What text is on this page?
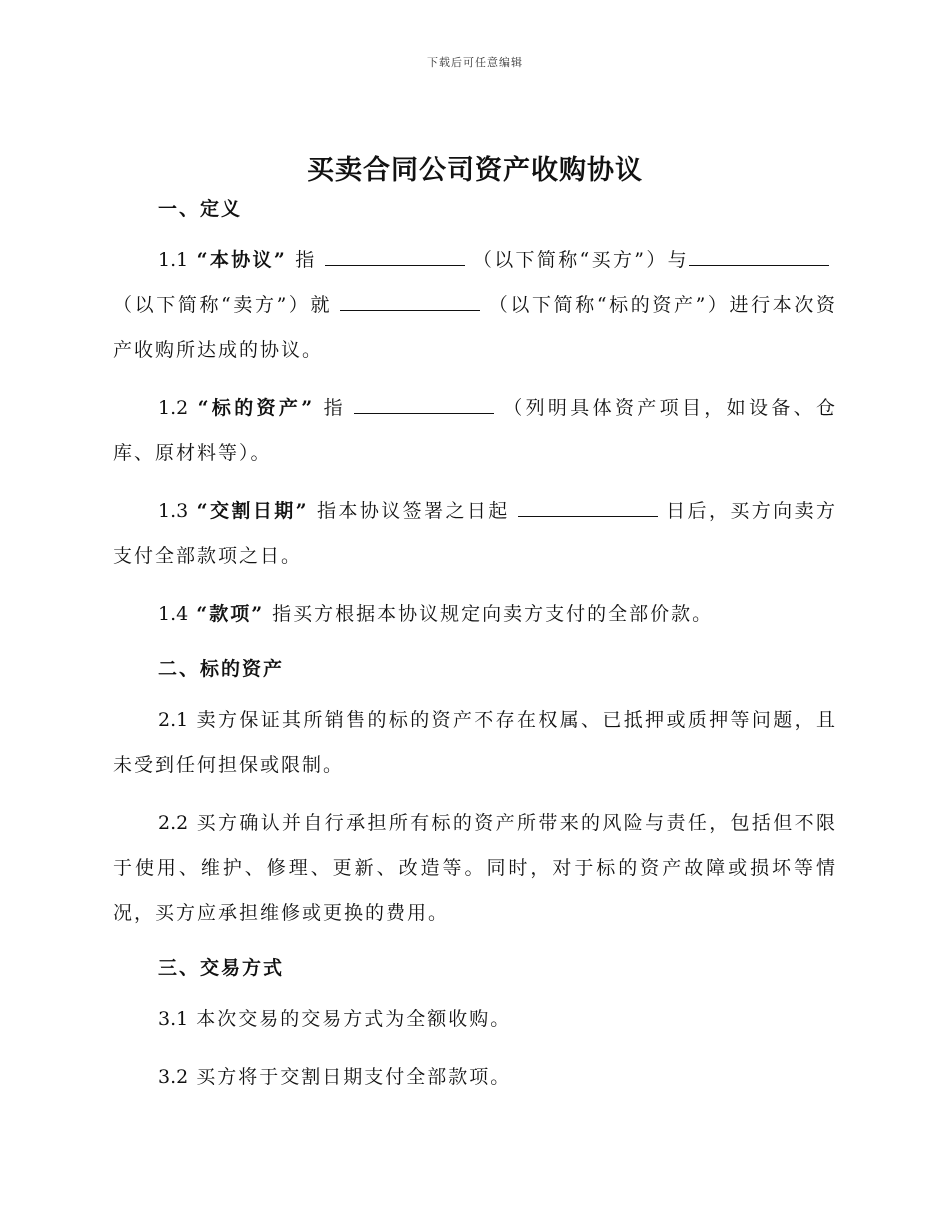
下载后可任意编辑
买卖合同公司资产收购协议

一、定义

1.1 “本协议” 指	（以下简称“买方”）与（以下简称“卖方”）就	（以下简称“标的资产”）进行本次资产收购所达成的协议。

1.2 “标的资产” 指	（列明具体资产项目，如设备、仓库、原材料等）。

1.3 “交割日期” 指本协议签署之日起	日后，买方向卖方支付全部款项之日。

1.4 “款项” 指买方根据本协议规定向卖方支付的全部价款。

二、标的资产

2.1 卖方保证其所销售的标的资产不存在权属、已抵押或质押等问题，且未受到任何担保或限制。

2.2 买方确认并自行承担所有标的资产所带来的风险与责任，包括但不限于使用、维护、修理、更新、改造等。同时，对于标的资产故障或损坏等情况，买方应承担维修或更换的费用。

三、交易方式

3.1 本次交易的交易方式为全额收购。

3.2 买方将于交割日期支付全部款项。
